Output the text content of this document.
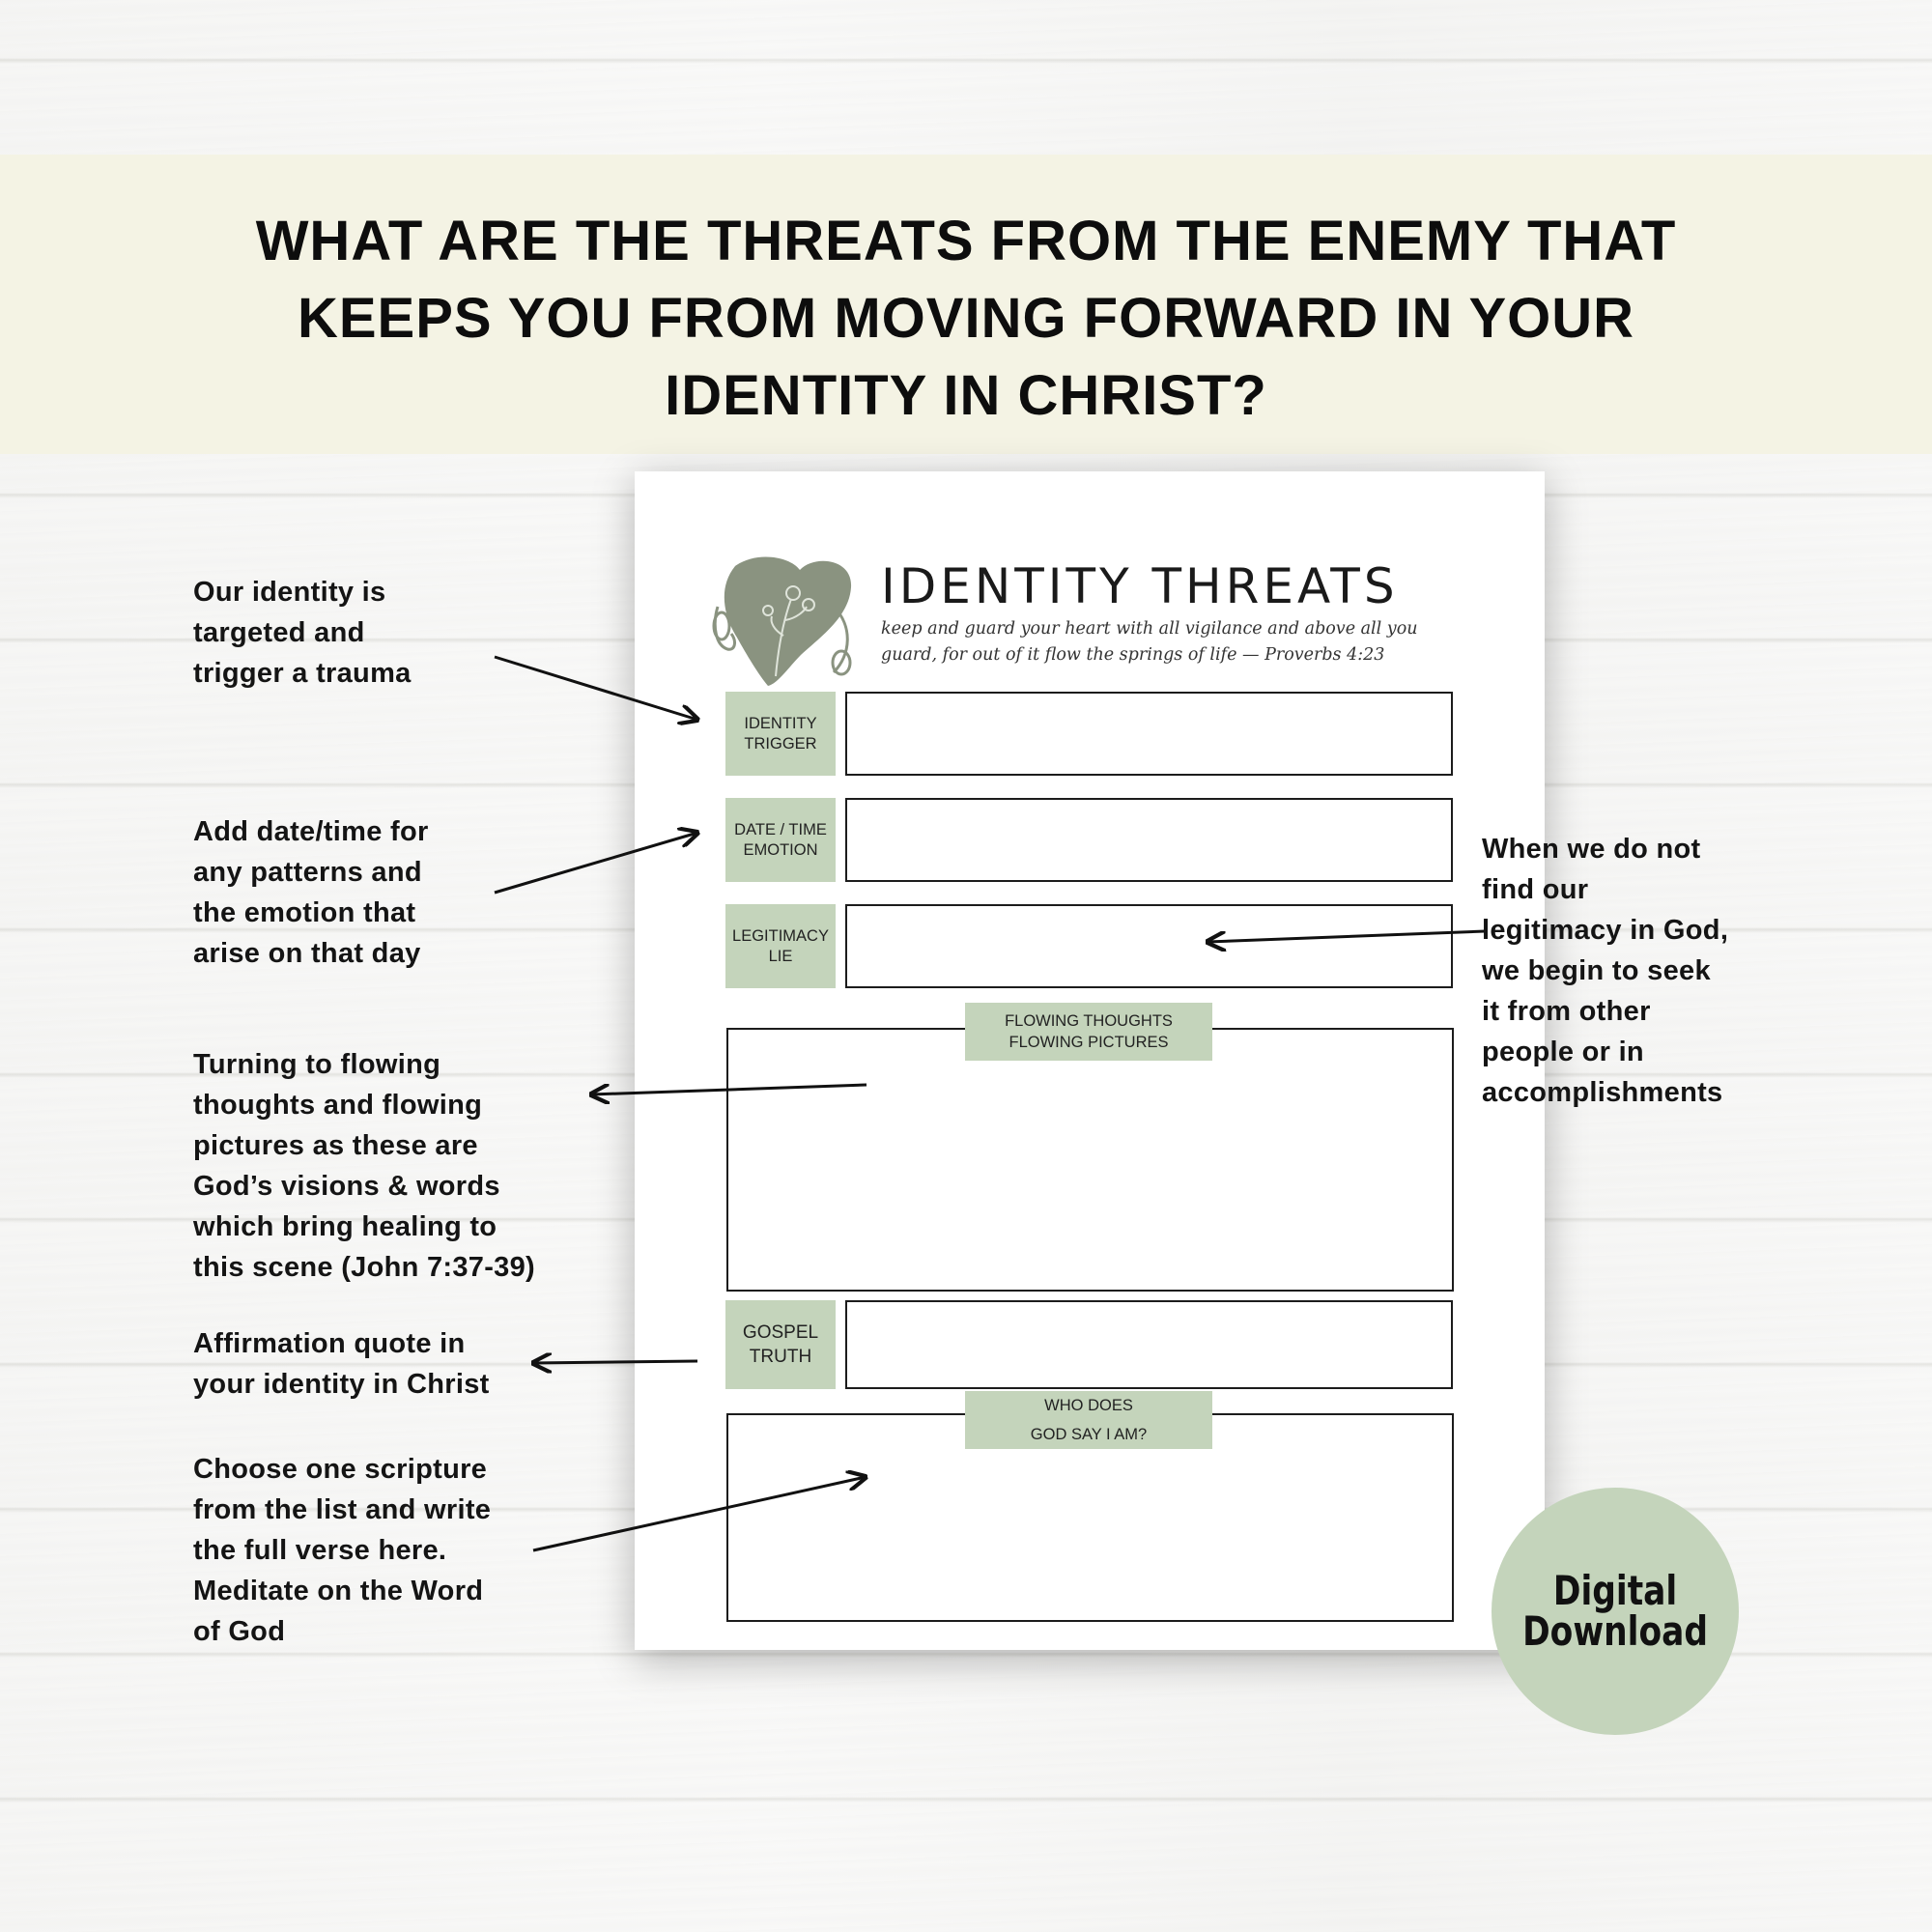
WHAT ARE THE THREATS FROM THE ENEMY THAT
KEEPS YOU FROM MOVING FORWARD IN YOUR
IDENTITY IN CHRIST?
IDENTITY THREATS
keep and guard your heart with all vigilance and above all you guard, for out of it flow the springs of life — Proverbs 4:23
IDENTITY
TRIGGER
DATE / TIME
EMOTION
LEGITIMACY
LIE
FLOWING THOUGHTS
FLOWING PICTURES
GOSPEL
TRUTH
WHO DOES
GOD SAY I AM?
Our identity is
targeted and
trigger a trauma
Add date/time for
any patterns and
the emotion that
arise on that day
Turning to flowing
thoughts and flowing
pictures as these are
God’s visions & words
which bring healing to
this scene (John 7:37-39)
Affirmation quote in
your identity in Christ
Choose one scripture
from the list and write
the full verse here.
Meditate on the Word
of God
When we do not
find our
legitimacy in God,
we begin to seek
it from other
people or in
accomplishments
Digital
Download
